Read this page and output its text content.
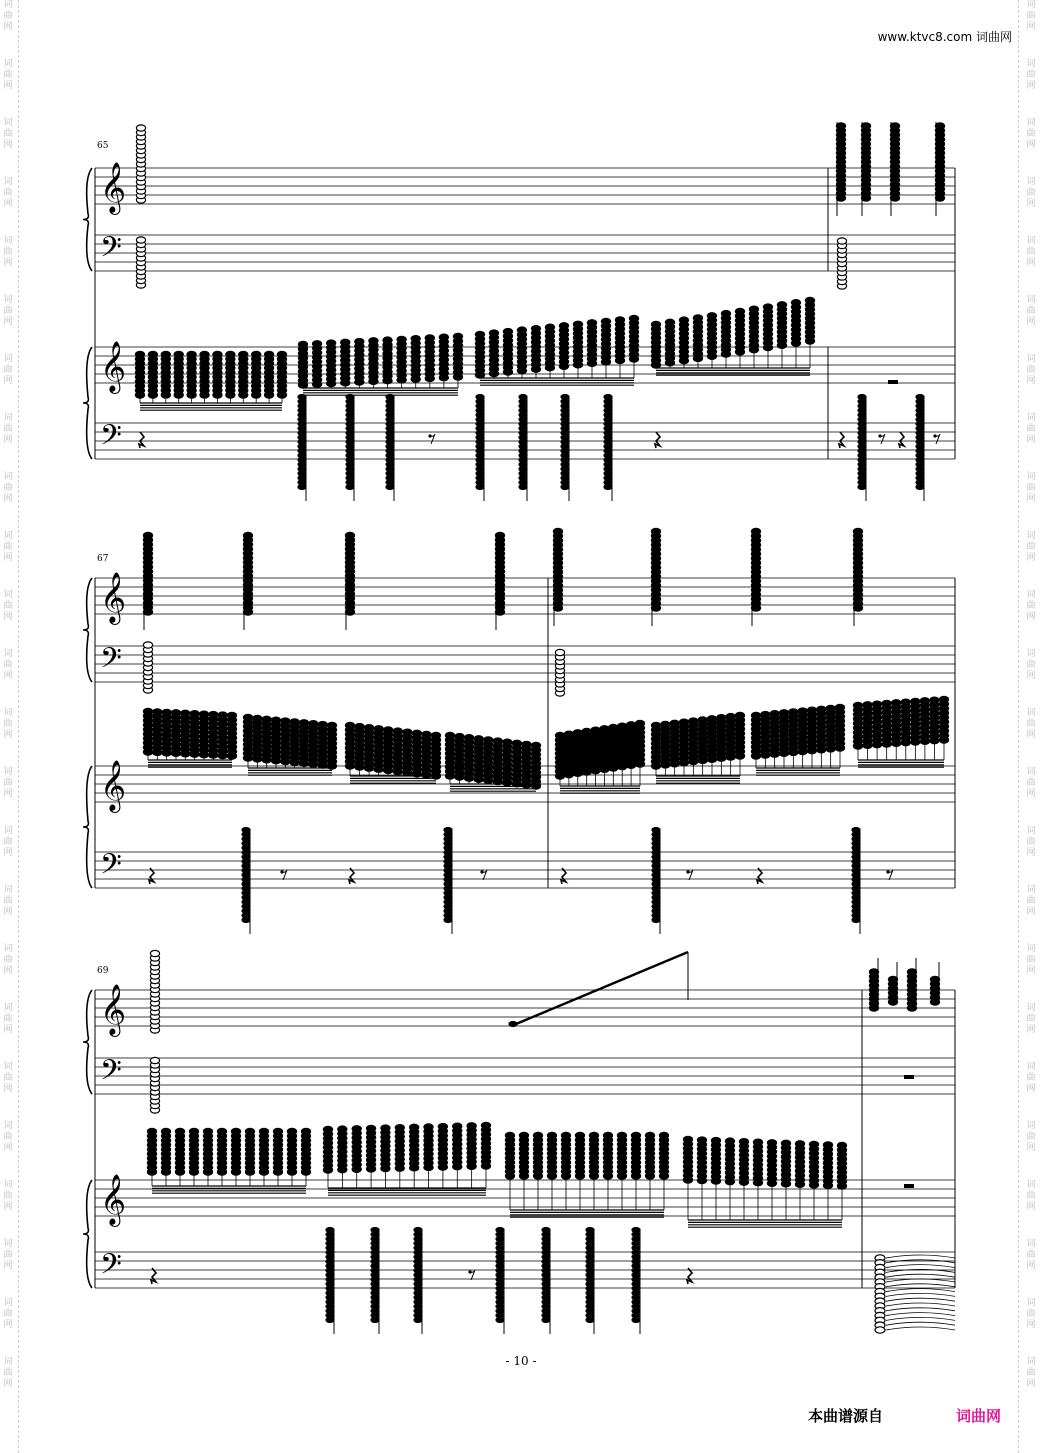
词
曲
网
词
曲
网
词
曲
网
词
曲
网
词
曲
网
词
曲
网
词
曲
网
词
曲
网
词
曲
网
词
曲
网
词
曲
网
词
曲
网
词
曲
网
词
曲
网
词
曲
网
词
曲
网
词
曲
网
词
曲
网
词
曲
网
词
曲
网
词
曲
网
词
曲
网
词
曲
网
词
曲
网
词
曲
网
词
曲
网
词
曲
网
词
曲
网
词
曲
网
词
曲
网
词
曲
网
词
曲
网
词
曲
网
词
曲
网
词
曲
网
词
曲
网
词
曲
网
词
曲
网
词
曲
网
词
曲
网
词
曲
网
词
曲
网
词
曲
网
词
曲
网
词
曲
网
词
曲
网
词
曲
网
词
曲
网
www.ktvc8.com 词曲网
𝄞
𝄢
𝄞
𝄢
𝄞
𝄢
𝄞
𝄢
𝄞
𝄢
𝄞
𝄢
65
67
69
- 10 -
本曲谱源自	词曲网
